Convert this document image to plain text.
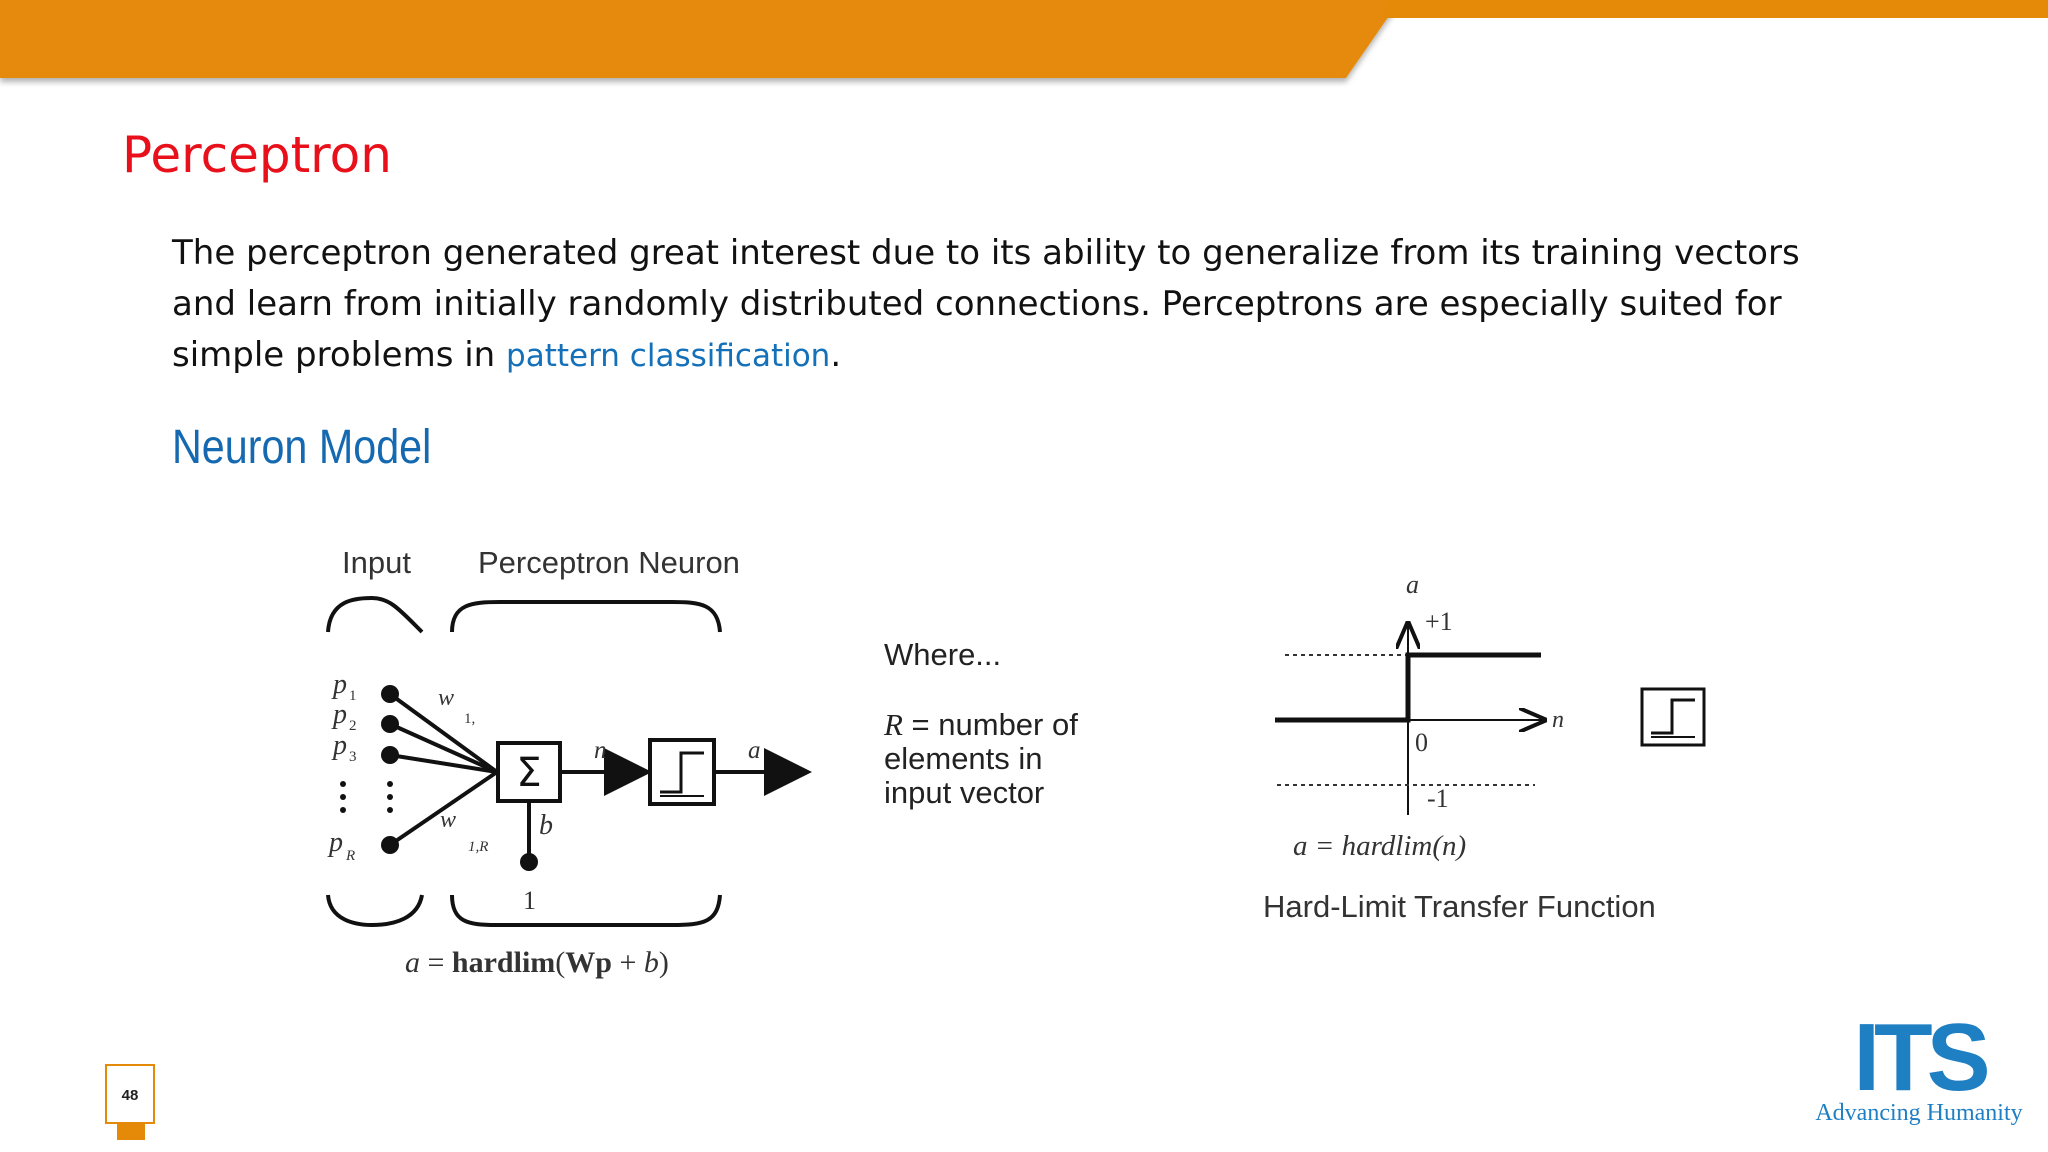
Perceptron

The perceptron generated great interest due to its ability to generalize from its training vectors and learn from initially randomly distributed connections. Perceptrons are especially suited for simple problems in pattern classification.

Neuron Model
Input Perceptron Neuron
p
p
p
p
1
2
3
R
w
1,
w
1,R
Σ n	a
b
1
a = hardlim(Wp + b)
Where...
R = number of
elements in
input vector
a
+1
n
0
-1
a = hardlim(n)
Hard-Limit Transfer Function
48	ITS
Advancing Humanity
